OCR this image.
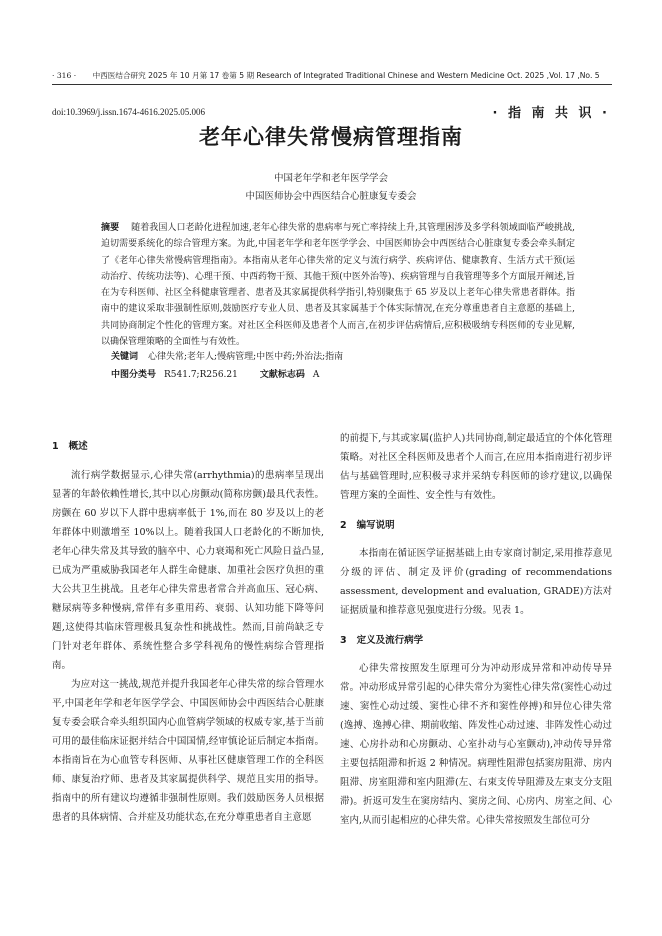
· 316 · 中西医结合研究 2025 年 10 月第 17 卷第 5 期 Research of Integrated Traditional Chinese and Western Medicine Oct. 2025 ,Vol. 17 ,No. 5
doi:10.3969/j.issn.1674-4616.2025.05.006	· 指 南 共 识 ·
老年心律失常慢病管理指南
中国老年学和老年医学学会
中国医师协会中西医结合心脏康复专委会
摘要 随着我国人口老龄化进程加速,老年心律失常的患病率与死亡率持续上升,其管理困涉及多学科领域面临严峻挑战,迫切需要系统化的综合管理方案。为此,中国老年学和老年医学学会、中国医师协会中西医结合心脏康复专委会牵头制定了《老年心律失常慢病管理指南》。本指南从老年心律失常的定义与流行病学、疾病评估、健康教育、生活方式干预(运动治疗、传统功法等)、心理干预、中西药物干预、其他干预(中医外治等)、疾病管理与自我管理等多个方面展开阐述,旨在为专科医师、社区全科健康管理者、患者及其家属提供科学指引,特别聚焦于 65 岁及以上老年心律失常患者群体。指南中的建议采取非强制性原则,鼓励医疗专业人员、患者及其家属基于个体实际情况,在充分尊重患者自主意愿的基础上,共同协商制定个性化的管理方案。对社区全科医师及患者个人而言,在初步评估病情后,应积极吸纳专科医师的专业见解,以确保管理策略的全面性与有效性。
关键词 心律失常;老年人;慢病管理;中医中药;外治法;指南
中图分类号 R541.7;R256.21 文献标志码 A
1 概述

流行病学数据显示,心律失常(arrhythmia)的患病率呈现出显著的年龄依赖性增长,其中以心房颤动(简称房颤)最具代表性。房颤在 60 岁以下人群中患病率低于 1%,而在 80 岁及以上的老年群体中则激增至 10%以上。随着我国人口老龄化的不断加快,老年心律失常及其导致的脑卒中、心力衰竭和死亡风险日益凸显,已成为严重威胁我国老年人群生命健康、加重社会医疗负担的重大公共卫生挑战。且老年心律失常患者常合并高血压、冠心病、糖尿病等多种慢病,常伴有多重用药、衰弱、认知功能下降等问题,这使得其临床管理极具复杂性和挑战性。然而,目前尚缺乏专门针对老年群体、系统性整合多学科视角的慢性病综合管理指南。

为应对这一挑战,规范并提升我国老年心律失常的综合管理水平,中国老年学和老年医学学会、中国医师协会中西医结合心脏康复专委会联合牵头组织国内心血管病学领域的权威专家,基于当前可用的最佳临床证据并结合中国国情,经审慎论证后制定本指南。本指南旨在为心血管专科医师、从事社区健康管理工作的全科医师、康复治疗师、患者及其家属提供科学、规范且实用的指导。指南中的所有建议均遵循非强制性原则。我们鼓励医务人员根据患者的具体病情、合并症及功能状态,在充分尊重患者自主意愿

的前提下,与其或家属(监护人)共同协商,制定最适宜的个体化管理策略。对社区全科医师及患者个人而言,在应用本指南进行初步评估与基础管理时,应积极寻求并采纳专科医师的诊疗建议,以确保管理方案的全面性、安全性与有效性。

2 编写说明

本指南在循证医学证据基础上由专家商讨制定,采用推荐意见分级的评估、制定及评价(grading of recommendations assessment, development and evaluation, GRADE)方法对证据质量和推荐意见强度进行分级。见表 1。

3 定义及流行病学

心律失常按照发生原理可分为冲动形成异常和冲动传导异常。冲动形成异常引起的心律失常分为窦性心律失常(窦性心动过速、窦性心动过缓、窦性心律不齐和窦性停搏)和异位心律失常(逸搏、逸搏心律、期前收缩、阵发性心动过速、非阵发性心动过速、心房扑动和心房颤动、心室扑动与心室颤动),冲动传导异常主要包括阻滞和折返 2 种情况。病理性阻滞包括窦房阻滞、房内阻滞、房室阻滞和室内阻滞(左、右束支传导阻滞及左束支分支阻滞)。折返可发生在窦房结内、窦房之间、心房内、房室之间、心室内,从而引起相应的心律失常。心律失常按照发生部位可分
